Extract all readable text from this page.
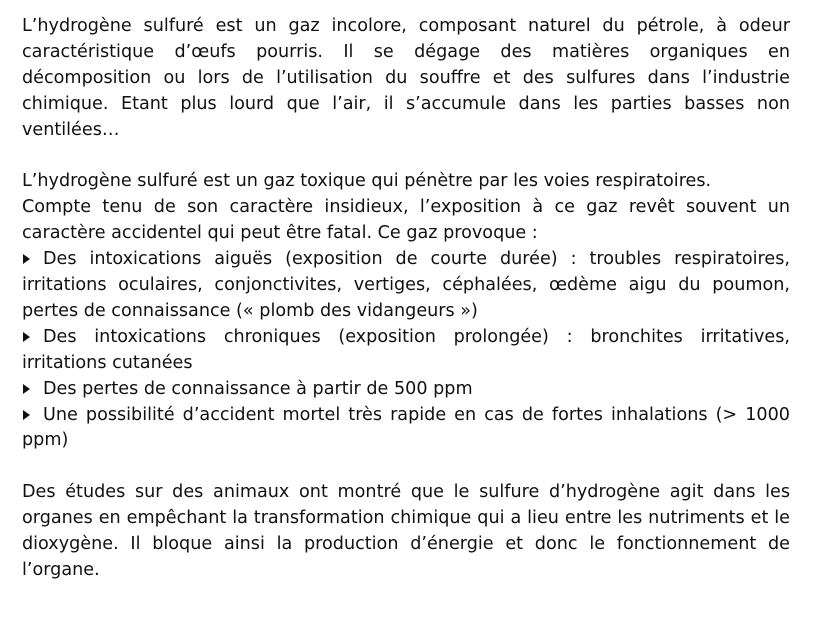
L’hydrogène sulfuré est un gaz incolore, composant naturel du pétrole, à odeur caractéristique d’œufs pourris. Il se dégage des matières organiques en décomposition ou lors de l’utilisation du souffre et des sulfures dans l’industrie chimique. Etant plus lourd que l’air, il s’accumule dans les parties basses non ventilées…

L’hydrogène sulfuré est un gaz toxique qui pénètre par les voies respiratoires.
Compte tenu de son caractère insidieux, l’exposition à ce gaz revêt souvent un caractère accidentel qui peut être fatal. Ce gaz provoque :
Des intoxications aiguës (exposition de courte durée) : troubles respiratoires, irritations oculaires, conjonctivites, vertiges, céphalées, œdème aigu du poumon, pertes de connaissance (« plomb des vidangeurs »)
Des intoxications chroniques (exposition prolongée) : bronchites irritatives, irritations cutanées
Des pertes de connaissance à partir de 500 ppm
Une possibilité d’accident mortel très rapide en cas de fortes inhalations (> 1000 ppm)

Des études sur des animaux ont montré que le sulfure d’hydrogène agit dans les organes en empêchant la transformation chimique qui a lieu entre les nutriments et le dioxygène. Il bloque ainsi la production d’énergie et donc le fonctionnement de l’organe.
